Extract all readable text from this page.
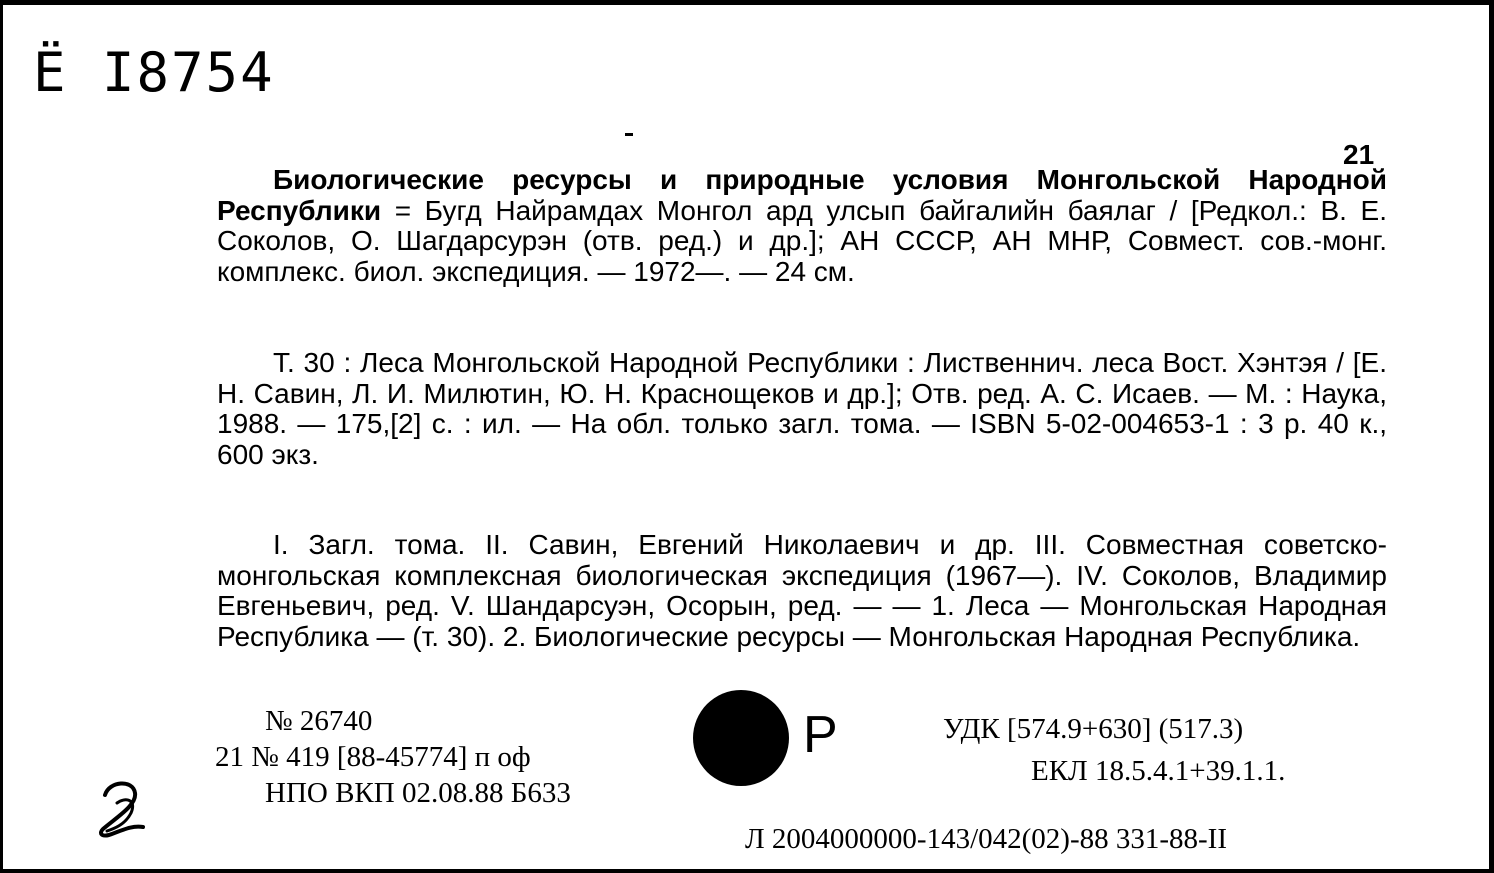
Ё I8754
21

Биологические ресурсы и природные условия Монгольской Народной Республики = Бугд Найрамдах Монгол ард улсып байгалийн баялаг / [Редкол.: В. Е. Соколов, О. Шагдарсурэн (отв. ред.) и др.]; АН СССР, АН МНР, Совмест. сов.-монг. комплекс. биол. экспедиция. — 1972—. — 24 см.

Т. 30 : Леса Монгольской Народной Республики : Лиственнич. леса Вост. Хэнтэя / [Е. Н. Савин, Л. И. Милютин, Ю. Н. Краснощеков и др.]; Отв. ред. А. С. Исаев. — М. : Наука, 1988. — 175,[2] с. : ил. — На обл. только загл. тома. — ISBN 5-02-004653-1 : 3 р. 40 к., 600 экз.

I. Загл. тома. II. Савин, Евгений Николаевич и др. III. Совместная советско-монгольская комплексная биологическая экспедиция (1967—). IV. Соколов, Владимир Евгеньевич, ред. V. Шандарсуэн, Осорын, ред. — — 1. Леса — Монгольская Народная Республика — (т. 30). 2. Биологические ресурсы — Монгольская Народная Республика.

№ 26740
21 № 419 [88-45774] п оф
НПО ВКП 02.08.88 Б633
Р	УДК [574.9+630] (517.3)
ЕКЛ 18.5.4.1+39.1.1.
Л 2004000000-143/042(02)-88 331-88-II
